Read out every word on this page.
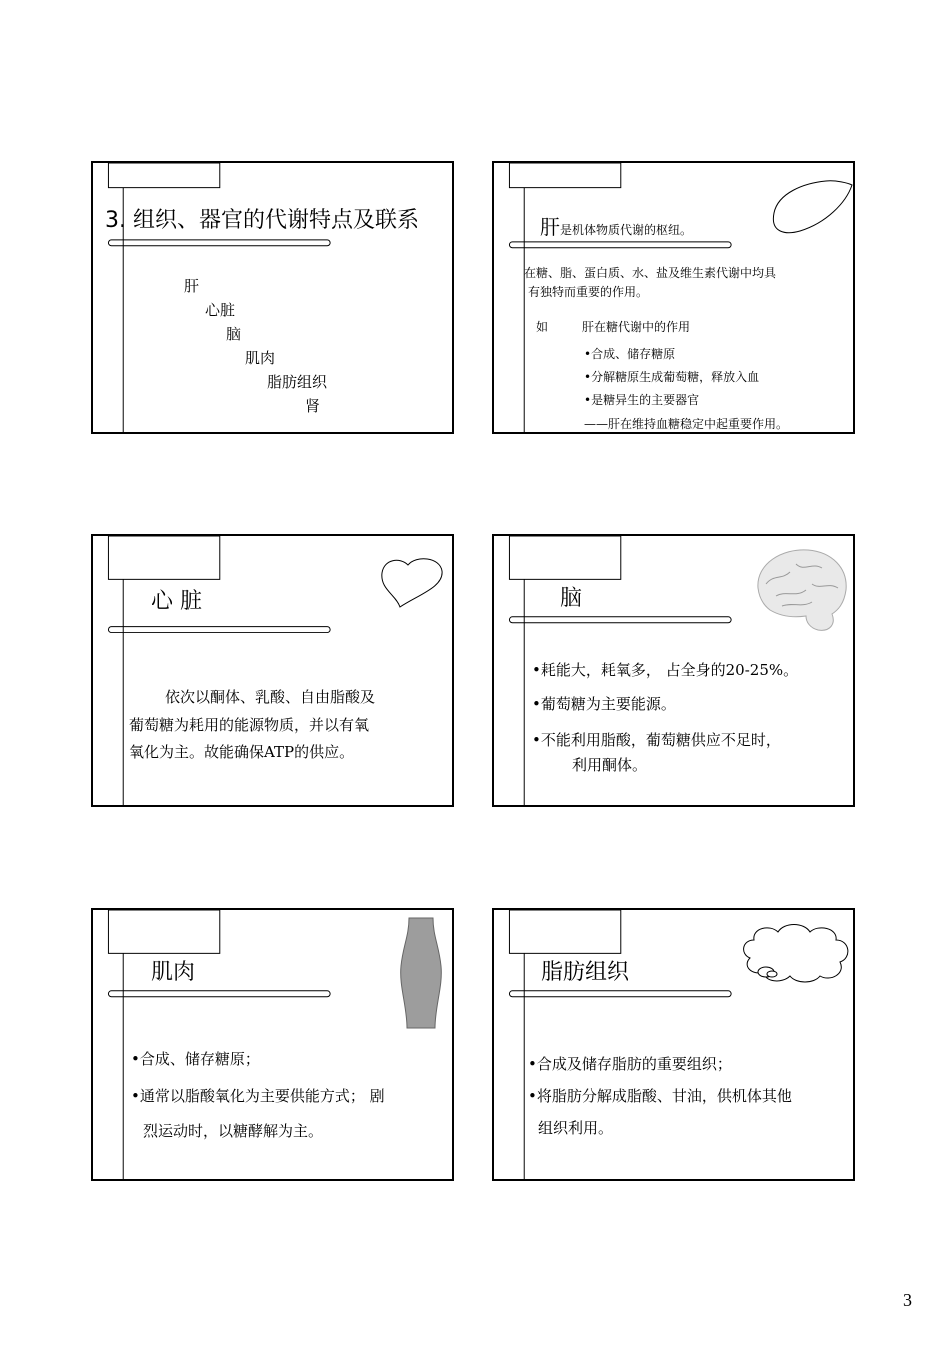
3. 组织、器官的代谢特点及联系
肝
心脏
脑
肌肉
脂肪组织
肾
肝是机体物质代谢的枢纽。
在糖、脂、蛋白质、水、盐及维生素代谢中均具
有独特而重要的作用。
如	肝在糖代谢中的作用
•合成、储存糖原
•分解糖原生成葡萄糖，释放入血
•是糖异生的主要器官
——肝在维持血糖稳定中起重要作用。
心 脏
依次以酮体、乳酸、自由脂酸及
葡萄糖为耗用的能源物质，并以有氧
氧化为主。故能确保ATP的供应。
脑
•耗能大，耗氧多， 占全身的20-25%。
•葡萄糖为主要能源。
•不能利用脂酸，葡萄糖供应不足时，
利用酮体。
肌肉
•合成、储存糖原；
•通常以脂酸氧化为主要供能方式； 剧
烈运动时，以糖酵解为主。
脂肪组织
•合成及储存脂肪的重要组织；
•将脂肪分解成脂酸、甘油，供机体其他
组织利用。
3
